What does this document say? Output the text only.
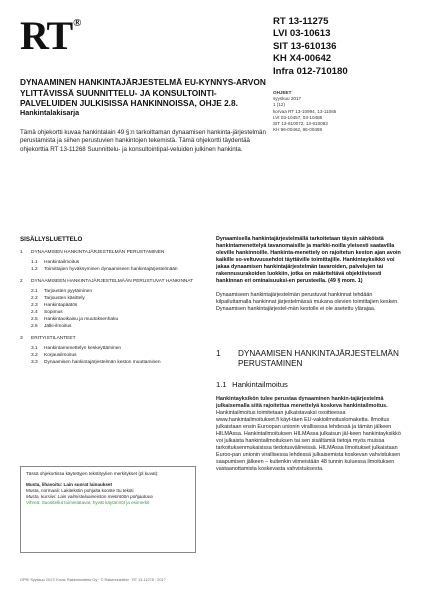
RT®	RT 13-11275
LVI 03-10613
SIT 13-610136
KH X4-00642
Infra 012-710180
OHJEET
syyskuu 2017
1 (12)
korvaa RT 13-10994, 13-11065
LVI 03-10457, 03-10486
SIT 13-610072, 13-610083
KH 96-00462, 96-00488
DYNAAMINEN HANKINTAJÄRJESTELMÄ EU-KYNNYS-ARVON YLITTÄVISSÄ SUUNNITTELU- JA KONSULTOINTI-PALVELUIDEN JULKISISSA HANKINNOISSA, OHJE 2.8.
Hankintalakisarja
Tämä ohjekortti kuvaa hankintalain 49 §:n tarkoittaman dynaamisen hankinta-järjestelmän perustamista ja siihen perustuvien hankintojen tekemistä. Tämä ohjekortti täydentää ohjekorttia RT 13-11268 Suunnittelu- ja konsultointipal-veluiden julkinen hankinta.
SISÄLLYSLUETTELO
1	DYNAAMISEN HANKINTAJÄRJESTELMÄN PERUSTAMINEN
1.1	Hankintailmoitus
1.2	Toimittajien hyväksyminen dynaamiseen hankintajärjestelmään
2	DYNAAMISEEN HANKINTAJÄRJESTELMÄÄN PERUSTUVAT HANKINNAT
2.1	Tarjousten pyytäminen
2.2	Tarjousten käsittely
2.3	Hankintapäätös
2.4	Sopimus
2.5	Hankintaoikaisu ja muutoksenhaku
2.6	Jälki-ilmoitus
3	ERITYISTILANTEET
3.1	Hankintamenettelyn keskeyttäminen
3.2	Korjausilmoitus
3.3	Dynaamisen hankintajärjestelmän keston muuttaminen
Tässä ohjekortissa käytettyjen tekstityylien merkitykset (pl.kuvat):
Musta, lihavoitu: Lain suorat lainaukset
Musta, normaali: Lakitekstin pohjalta kooste ttu teksti
Musta, kursiivi: Lain valmisteluaineiston mietintöön pohjautuva
Vihreä: Suositellut toimintatavat, hyvät käytännöt ja esimerkit
Dynaamisella hankintajärjestelmällä tarkoitetaan täysin sähköistä hankintamenettelyä tavanomaisille ja markki-noilla yleisesti saatavilla oleville hankinnoille. Hankinta-menettely on rajoitetun keston ajan avoin kaikille so-veltuvuusehdot täyttäville toimittajille. Hankintayksikkö voi jakaa dynaamisen hankintajärjestelmän tavaroiden, palvelujen tai rakennusurakoiden luokkiin, jotka on määriteltävä objektiivisesti hankinnan eri ominaisuuksi-en perusteella. (49 § mom. 1)
Dynaamiseen hankintajärjestelmän perustuvat hankinnat tehdään kilpailuttamalla hankinnat järjestelmässä mukana olevien toimittajien kesken. Dynaamisen hankintajärjestel-män kestolle ei ole asetettu ylärajaa.
1	DYNAAMISEN HANKINTAJÄRJESTELMÄN PERUSTAMINEN
1.1 Hankintailmoitus

Hankintayksikön tulee perustaa dynaaminen hankin-tajärjestelmä julkaisemalla siitä rajoitettua menettelyä koskeva hankintailmoitus. Hankintailmoitus toimitetaan julkaistavaksi osoitteessa www.hankintailmoitukset.fi käyt-täen EU-vakioilmoituslomaketta. Ilmoitus julkaistaan ensin Euroopan unionin virallisessa lehdessä ja tämän jälkeen HILMAssa. Hankintailmoituksen HILMAssa julkaisun jäl-keen hankintayksikkö voi julkaista hankintailmoituksen tai sen sisältämiä tietoja myös muissa tarkoituksenmukaisissa tiedotusvälineissä. HILMAssa ilmoitukset julkaistaan Euroo-pan unionin virallisessa lehdessä julkaisemista koskevan vahvistuksen saapumisen jälkeen – kuitenkin viimeistään 48 tunnin kuluessa ilmoituksen vastaanottamista koskevasta vahvistuksesta.

OPR/ Syyskuu 2017/ Kuva: Rakennustieto Oy · © Rakennustieto · RT 13-11275 · 2017
